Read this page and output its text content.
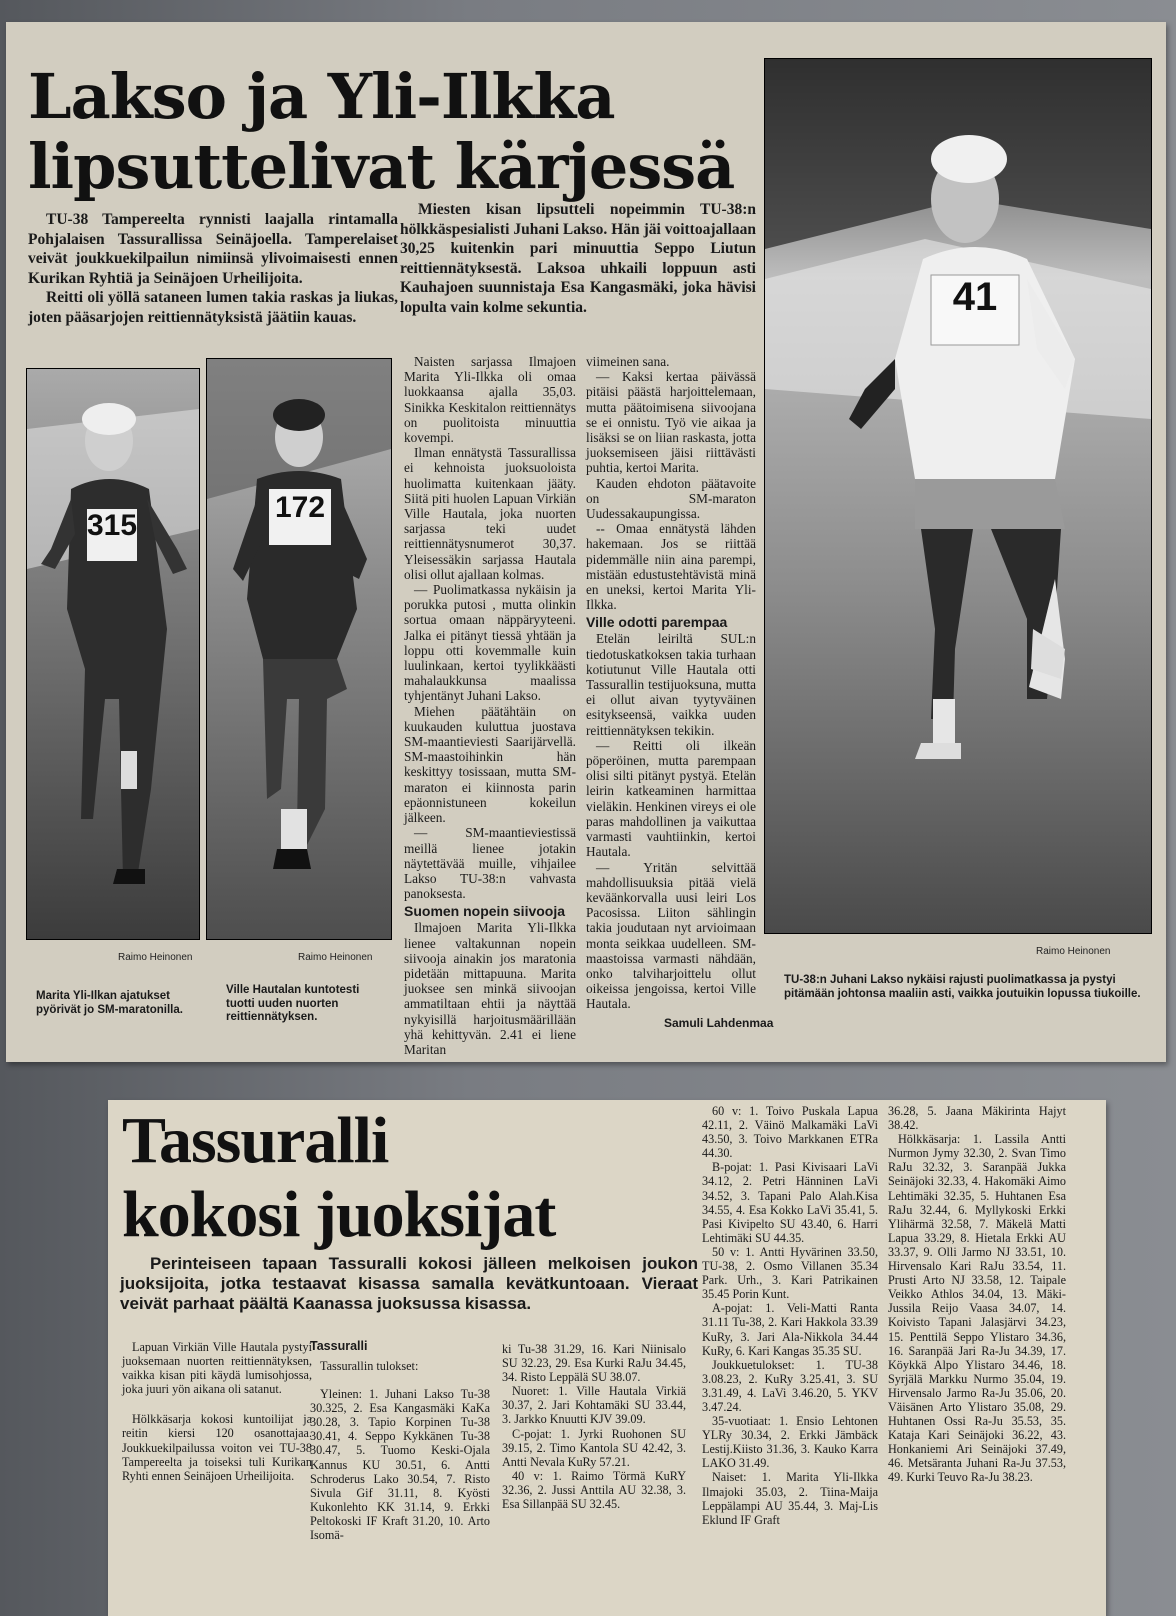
Lakso ja Yli-Ilkka
lipsuttelivat kärjessä
TU-38 Tampereelta rynnisti laajalla rintamalla Pohjalaisen Tassurallissa Seinäjoella. Tamperelaiset veivät joukkuekilpailun nimiinsä ylivoimaisesti ennen Kurikan Ryhtiä ja Seinäjoen Urheilijoita.
Reitti oli yöllä sataneen lumen takia raskas ja liukas, joten pääsarjojen reittiennätyksistä jäätiin kauas.
Miesten kisan lipsutteli nopeimmin TU-38:n hölkkäspesialisti Juhani Lakso. Hän jäi voittoajallaan 30,25 kuitenkin pari minuuttia Seppo Liutun reittiennätyksestä. Laksoa uhkaili loppuun asti Kauhajoen suunnistaja Esa Kangasmäki, joka hävisi lopulta vain kolme sekuntia.
315
172
Raimo Heinonen	Raimo Heinonen
Marita Yli-Ilkan ajatukset pyörivät jo SM-maratonilla.
Ville Hautalan kuntotesti tuotti uuden nuorten reittiennätyksen.

Naisten sarjassa Ilmajoen Marita Yli-Ilkka oli omaa luokkaansa ajalla 35,03. Sinikka Keskitalon reittiennätys on puolitoista minuuttia kovempi.

Ilman ennätystä Tassurallissa ei kehnoista juoksuoloista huolimatta kuitenkaan jääty. Siitä piti huolen Lapuan Virkiän Ville Hautala, joka nuorten sarjassa teki uudet reittiennätysnumerot 30,37. Yleisessäkin sarjassa Hautala olisi ollut ajallaan kolmas.

— Puolimatkassa nykäisin ja porukka putosi , mutta olinkin sortua omaan näppäryyteeni. Jalka ei pitänyt tiessä yhtään ja loppu otti kovemmalle kuin luulinkaan, kertoi tyylikkäästi mahalaukkunsa maalissa tyhjentänyt Juhani Lakso.

Miehen päätähtäin on kuukauden kuluttua juostava SM-maantieviesti Saarijärvellä. SM-maastoihinkin hän keskittyy tosissaan, mutta SM-maraton ei kiinnosta parin epäonnistuneen kokeilun jälkeen.

— SM-maantieviestissä meillä lienee jotakin näytettävää muille, vihjailee Lakso TU-38:n vahvasta panoksesta.

Suomen nopein siivooja

Ilmajoen Marita Yli-Ilkka lienee valtakunnan nopein siivooja ainakin jos maratonia pidetään mittapuuna. Marita juoksee sen minkä siivoojan ammatiltaan ehtii ja näyttää nykyisillä harjoitusmäärillään yhä kehittyvän. 2.41 ei liene Maritan

viimeinen sana.

— Kaksi kertaa päivässä pitäisi päästä harjoittelemaan, mutta päätoimisena siivoojana se ei onnistu. Työ vie aikaa ja lisäksi se on liian raskasta, jotta juoksemiseen jäisi riittävästi puhtia, kertoi Marita.

Kauden ehdoton päätavoite on SM-maraton Uudessakaupungissa.

-- Omaa ennätystä lähden hakemaan. Jos se riittää pidemmälle niin aina parempi, mistään edustustehtävistä minä en uneksi, kertoi Marita Yli-Ilkka.

Ville odotti parempaa

Etelän leiriltä SUL:n tiedotuskatkoksen takia turhaan kotiutunut Ville Hautala otti Tassurallin testijuoksuna, mutta ei ollut aivan tyytyväinen esitykseensä, vaikka uuden reittiennätyksen tekikin.

— Reitti oli ilkeän pöperöinen, mutta parempaan olisi silti pitänyt pystyä. Etelän leirin katkeaminen harmittaa vieläkin. Henkinen vireys ei ole paras mahdollinen ja vaikuttaa varmasti vauhtiinkin, kertoi Hautala.

— Yritän selvittää mahdollisuuksia pitää vielä keväänkorvalla uusi leiri Los Pacosissa. Liiton sählingin takia joudutaan nyt arvioimaan monta seikkaa uudelleen. SM-maastoissa varmasti nähdään, onko talviharjoittelu ollut oikeissa jengoissa, kertoi Ville Hautala.

Samuli Lahdenmaa
41
Raimo Heinonen
TU-38:n Juhani Lakso nykäisi rajusti puolimatkassa ja pystyi pitämään johtonsa maaliin asti, vaikka joutuikin lopussa tiukoille.
Tassuralli
kokosi juoksijat
Perinteiseen tapaan Tassuralli kokosi jälleen melkoisen joukon juoksijoita, jotka testaavat kisassa samalla kevätkuntoaan. Vieraat veivät parhaat päältä Kaanassa juoksussa kisassa.

Lapuan Virkiän Ville Hautala pystyi juoksemaan nuorten reittiennätyksen, vaikka kisan piti käydä lumisohjossa, joka juuri yön aikana oli satanut.

Hölkkäsarja kokosi kuntoilijat ja reitin kiersi 120 osanottajaa. Joukkuekilpailussa voiton vei TU-38 Tampereelta ja toiseksi tuli Kurikan Ryhti ennen Seinäjoen Urheilijoita.

Tassuralli

Tassurallin tulokset:

Yleinen: 1. Juhani Lakso Tu-38 30.325, 2. Esa Kangasmäki KaKa 30.28, 3. Tapio Korpinen Tu-38 30.41, 4. Seppo Kykkänen Tu-38 30.47, 5. Tuomo Keski-Ojala Kannus KU 30.51, 6. Antti Schroderus Lako 30.54, 7. Risto Sivula Gif 31.11, 8. Kyösti Kukonlehto KK 31.14, 9. Erkki Peltokoski IF Kraft 31.20, 10. Arto Isomä-

ki Tu-38 31.29, 16. Kari Niinisalo SU 32.23, 29. Esa Kurki RaJu 34.45, 34. Risto Leppälä SU 38.07.

Nuoret: 1. Ville Hautala Virkiä 30.37, 2. Jari Kohtamäki SU 33.44, 3. Jarkko Knuutti KJV 39.09.

C-pojat: 1. Jyrki Ruohonen SU 39.15, 2. Timo Kantola SU 42.42, 3. Antti Nevala KuRy 57.21.

40 v: 1. Raimo Törmä KuRY 32.36, 2. Jussi Anttila AU 32.38, 3. Esa Sillanpää SU 32.45.

60 v: 1. Toivo Puskala Lapua 42.11, 2. Väinö Malkamäki LaVi 43.50, 3. Toivo Markkanen ETRa 44.30.

B-pojat: 1. Pasi Kivisaari LaVi 34.12, 2. Petri Hänninen LaVi 34.52, 3. Tapani Palo Alah.Kisa 34.55, 4. Esa Kokko LaVi 35.41, 5. Pasi Kivipelto SU 43.40, 6. Harri Lehtimäki SU 44.35.

50 v: 1. Antti Hyvärinen 33.50, TU-38, 2. Osmo Villanen 35.34 Park. Urh., 3. Kari Patrikainen 35.45 Porin Kunt.

A-pojat: 1. Veli-Matti Ranta 31.11 Tu-38, 2. Kari Hakkola 33.39 KuRy, 3. Jari Ala-Nikkola 34.44 KuRy, 6. Kari Kangas 35.35 SU.

Joukkuetulokset: 1. TU-38 3.08.23, 2. KuRy 3.25.41, 3. SU 3.31.49, 4. LaVi 3.46.20, 5. YKV 3.47.24.

35-vuotiaat: 1. Ensio Lehtonen YLRy 30.34, 2. Erkki Jämbäck Lestij.Kiisto 31.36, 3. Kauko Karra LAKO 31.49.

Naiset: 1. Marita Yli-Ilkka Ilmajoki 35.03, 2. Tiina-Maija Leppälampi AU 35.44, 3. Maj-Lis Eklund IF Graft

36.28, 5. Jaana Mäkirinta Hajyt 38.42.

Hölkkäsarja: 1. Lassila Antti Nurmon Jymy 32.30, 2. Svan Timo RaJu 32.32, 3. Saranpää Jukka Seinäjoki 32.33, 4. Hakomäki Aimo Lehtimäki 32.35, 5. Huhtanen Esa RaJu 32.44, 6. Myllykoski Erkki Ylihärmä 32.58, 7. Mäkelä Matti Lapua 33.29, 8. Hietala Erkki AU 33.37, 9. Olli Jarmo NJ 33.51, 10. Hirvensalo Kari RaJu 33.54, 11. Prusti Arto NJ 33.58, 12. Taipale Veikko Athlos 34.04, 13. Mäki-Jussila Reijo Vaasa 34.07, 14. Koivisto Tapani Jalasjärvi 34.23, 15. Penttilä Seppo Ylistaro 34.36, 16. Saranpää Jari Ra-Ju 34.39, 17. Köykkä Alpo Ylistaro 34.46, 18. Syrjälä Markku Nurmo 35.04, 19. Hirvensalo Jarmo Ra-Ju 35.06, 20. Väisänen Arto Ylistaro 35.08, 29. Huhtanen Ossi Ra-Ju 35.53, 35. Kataja Kari Seinäjoki 36.22, 43. Honkaniemi Ari Seinäjoki 37.49, 46. Metsäranta Juhani Ra-Ju 37.53, 49. Kurki Teuvo Ra-Ju 38.23.
